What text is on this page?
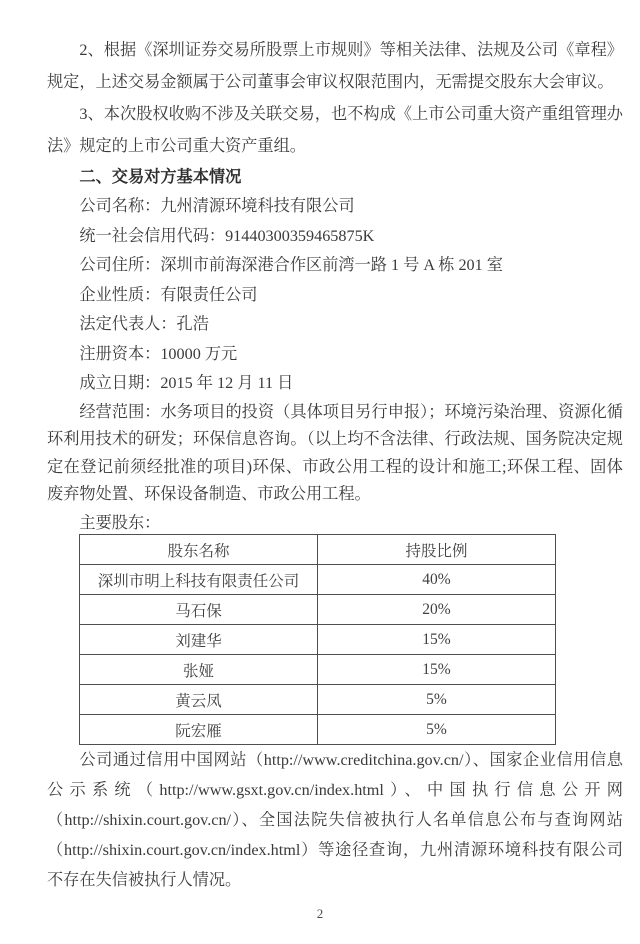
2、根据《深圳证券交易所股票上市规则》等相关法律、法规及公司《章程》规定，上述交易金额属于公司董事会审议权限范围内，无需提交股东大会审议。

3、本次股权收购不涉及关联交易，也不构成《上市公司重大资产重组管理办法》规定的上市公司重大资产重组。

二、交易对方基本情况

公司名称：九州清源环境科技有限公司

统一社会信用代码：91440300359465875K

公司住所：深圳市前海深港合作区前湾一路 1 号 A 栋 201 室

企业性质：有限责任公司

法定代表人：孔浩

注册资本：10000 万元

成立日期：2015 年 12 月 11 日

经营范围：水务项目的投资（具体项目另行申报）；环境污染治理、资源化循环利用技术的研发；环保信息咨询。（以上均不含法律、行政法规、国务院决定规定在登记前须经批准的项目)环保、市政公用工程的设计和施工;环保工程、固体废弃物处置、环保设备制造、市政公用工程。

主要股东：

股东名称	持股比例
深圳市明上科技有限责任公司	40%
马石保	20%
刘建华	15%
张娅	15%
黄云凤	5%
阮宏雁	5%

公司通过信用中国网站（http://www.creditchina.gov.cn/）、国家企业信用信息公示系统（http://www.gsxt.gov.cn/index.html）、中国执行信息公开网（http://shixin.court.gov.cn/）、全国法院失信被执行人名单信息公布与查询网站（http://shixin.court.gov.cn/index.html）等途径查询，九州清源环境科技有限公司不存在失信被执行人情况。

2
